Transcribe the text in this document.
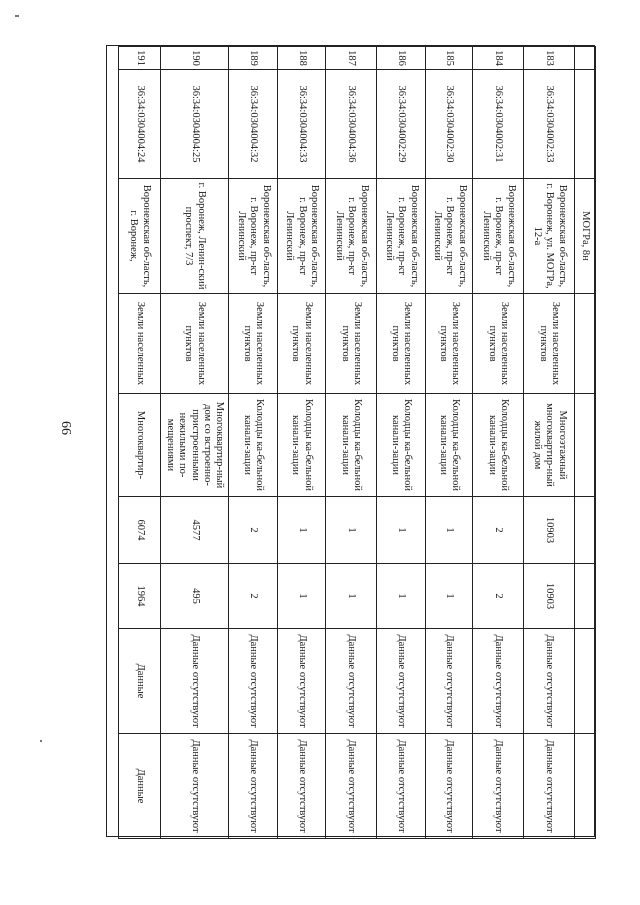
66
		МОГРа, 8н						
183	36:34:0304002:33	Воронежская об-ласть, г. Воронеж, ул. МОГРа, 12-а	Земли населенных пунктов	Многоэтажный многоквартир-ный жилой дом	10903	10903	Данные отсутствуют	Данные отсутствуют
184	36:34:0304002:31	Воронежская об-ласть, г. Воронеж, пр-кт Ленинский	Земли населенных пунктов	Колодцы ка-бельной канали-зации	2	2	Данные отсутствуют	Данные отсутствуют
185	36:34:0304002:30	Воронежская об-ласть, г. Воронеж, пр-кт Ленинский	Земли населенных пунктов	Колодцы ка-бельной канали-зации	1	1	Данные отсутствуют	Данные отсутствуют
186	36:34:0304002:29	Воронежская об-ласть, г. Воронеж, пр-кт Ленинский	Земли населенных пунктов	Колодцы ка-бельной канали-зации	1	1	Данные отсутствуют	Данные отсутствуют
187	36:34:0304004:36	Воронежская об-ласть, г. Воронеж, пр-кт Ленинский	Земли населенных пунктов	Колодцы ка-бельной канали-зации	1	1	Данные отсутствуют	Данные отсутствуют
188	36:34:0304004:33	Воронежская об-ласть, г. Воронеж, пр-кт Ленинский	Земли населенных пунктов	Колодцы ка-бельной канали-зации	1	1	Данные отсутствуют	Данные отсутствуют
189	36:34:0304004:32	Воронежская об-ласть, г. Воронеж, пр-кт Ленинский	Земли населенных пунктов	Колодцы ка-бельной канали-зации	2	2	Данные отсутствуют	Данные отсутствуют
190	36:34:0304004:25	г. Воронеж, Ленин-ский проспект, 7/3	Земли населенных пунктов	Многоквартир-ный дом со встроенно-пристроенными нежилыми по-мещениями	4577	495	Данные отсутствуют	Данные отсутствуют
191	36:34:0304004:24	Воронежская об-ласть, г. Воронеж,	Земли населенных	Многоквартир-	6074	1964	Данные	Данные
